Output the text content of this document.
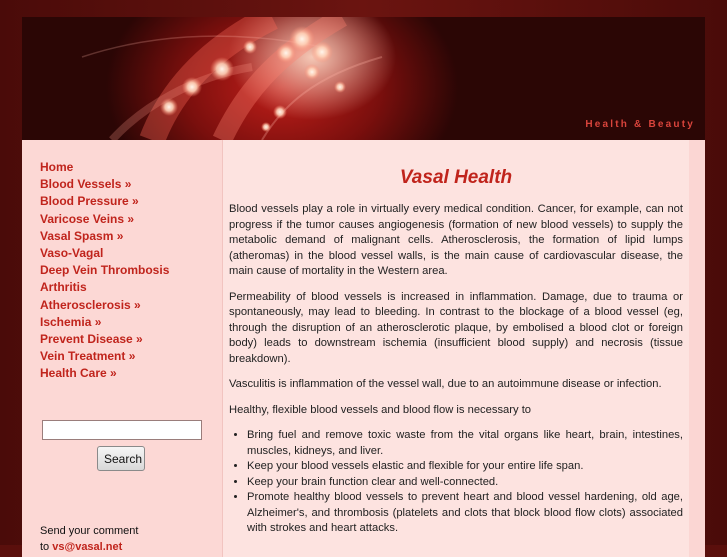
Health & Beauty
Home
Blood Vessels »
Blood Pressure »
Varicose Veins »
Vasal Spasm »
Vaso-Vagal
Deep Vein Thrombosis
Arthritis
Atherosclerosis »
Ischemia »
Prevent Disease »
Vein Treatment »
Health Care »
Search
Send your comment
to vs@vasal.net
Vasal Health

Blood vessels play a role in virtually every medical condition. Cancer, for example, can not progress if the tumor causes angiogenesis (formation of new blood vessels) to supply the metabolic demand of malignant cells. Atherosclerosis, the formation of lipid lumps (atheromas) in the blood vessel walls, is the main cause of cardiovascular disease, the main cause of mortality in the Western area.

Permeability of blood vessels is increased in inflammation. Damage, due to trauma or spontaneously, may lead to bleeding. In contrast to the blockage of a blood vessel (eg, through the disruption of an atherosclerotic plaque, by embolised a blood clot or foreign body) leads to downstream ischemia (insufficient blood supply) and necrosis (tissue breakdown).

Vasculitis is inflammation of the vessel wall, due to an autoimmune disease or infection.

Healthy, flexible blood vessels and blood flow is necessary to

• Bring fuel and remove toxic waste from the vital organs like heart, brain, intestines, muscles, kidneys, and liver.
• Keep your blood vessels elastic and flexible for your entire life span.
• Keep your brain function clear and well-connected.
• Promote healthy blood vessels to prevent heart and blood vessel hardening, old age, Alzheimer's, and thrombosis (platelets and clots that block blood flow clots) associated with strokes and heart attacks.
